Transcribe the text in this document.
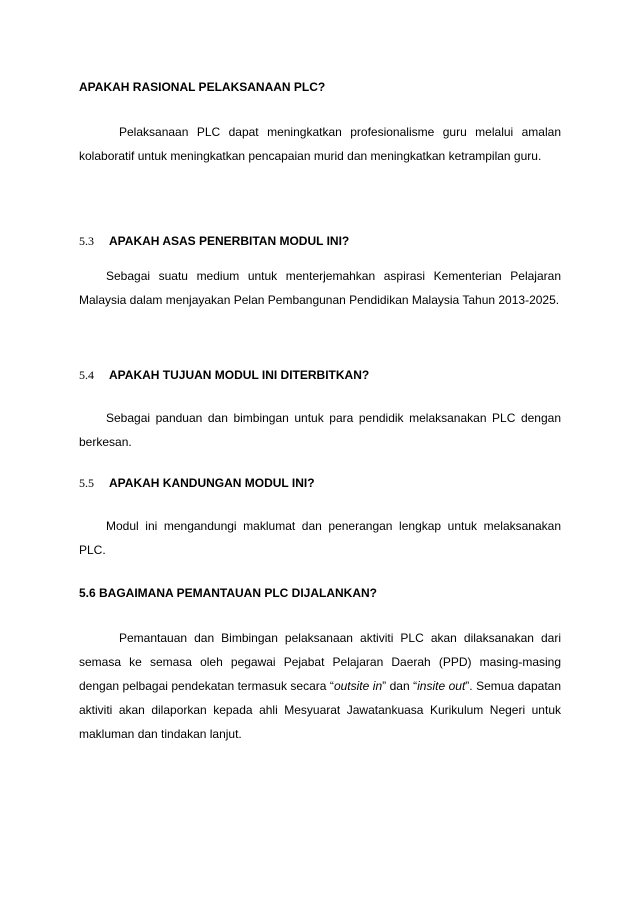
APAKAH RASIONAL PELAKSANAAN PLC?
Pelaksanaan PLC dapat meningkatkan profesionalisme guru melalui amalan kolaboratif untuk meningkatkan pencapaian murid dan meningkatkan ketrampilan guru.
5.3 APAKAH ASAS PENERBITAN MODUL INI?
Sebagai suatu medium untuk menterjemahkan aspirasi Kementerian Pelajaran Malaysia dalam menjayakan Pelan Pembangunan Pendidikan Malaysia Tahun 2013-2025.
5.4 APAKAH TUJUAN MODUL INI DITERBITKAN?
Sebagai panduan dan bimbingan untuk para pendidik melaksanakan PLC dengan berkesan.
5.5 APAKAH KANDUNGAN MODUL INI?
Modul ini mengandungi maklumat dan penerangan lengkap untuk melaksanakan PLC.
5.6 BAGAIMANA PEMANTAUAN PLC DIJALANKAN?
Pemantauan dan Bimbingan pelaksanaan aktiviti PLC akan dilaksanakan dari semasa ke semasa oleh pegawai Pejabat Pelajaran Daerah (PPD) masing-masing dengan pelbagai pendekatan termasuk secara “outsite in” dan “insite out”. Semua dapatan aktiviti akan dilaporkan kepada ahli Mesyuarat Jawatankuasa Kurikulum Negeri untuk makluman dan tindakan lanjut.
